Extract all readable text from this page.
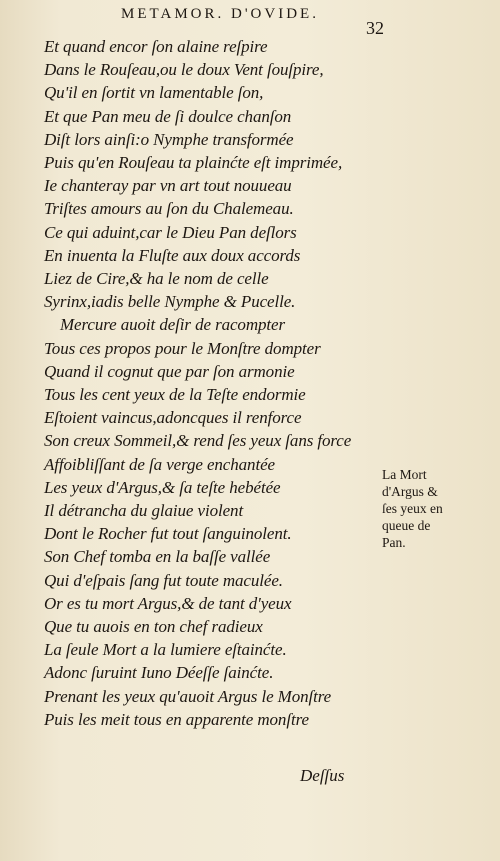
METAMOR. D'OVIDE.
32
Et quand encor ſon alaine reſpire
Dans le Rouſeau,ou le doux Vent ſouſpire,
Qu'il en ſortit vn lamentable ſon,
Et que Pan meu de ſi doulce chanſon
Diſt lors ainſi:o Nymphe transformée
Puis qu'en Rouſeau ta plainćte eſt imprimée,
Ie chanteray par vn art tout nouueau
Triſtes amours au ſon du Chalemeau.
Ce qui aduint,car le Dieu Pan deſlors
En inuenta la Fluſte aux doux accords
Liez de Cire,& ha le nom de celle
Syrinx,iadis belle Nymphe & Pucelle.
Mercure auoit deſir de racompter
Tous ces propos pour le Monſtre dompter
Quand il cognut que par ſon armonie
Tous les cent yeux de la Teſte endormie
Eſtoient vaincus,adoncques il renforce
Son creux Sommeil,& rend ſes yeux ſans force
Affoibliſſant de ſa verge enchantée
Les yeux d'Argus,& ſa teſte hebétée
Il détrancha du glaiue violent
Dont le Rocher fut tout ſanguinolent.
Son Chef tomba en la baſſe vallée
Qui d'eſpais ſang fut toute maculée.
Or es tu mort Argus,& de tant d'yeux
Que tu auois en ton chef radieux
La ſeule Mort a la lumiere eſtainćte.
Adonc ſuruint Iuno Déeſſe ſainćte.
Prenant les yeux qu'auoit Argus le Monſtre
Puis les meit tous en apparente monſtre
La Mort
d'Argus &
ſes yeux en
queue de
Pan.
Deſſus
